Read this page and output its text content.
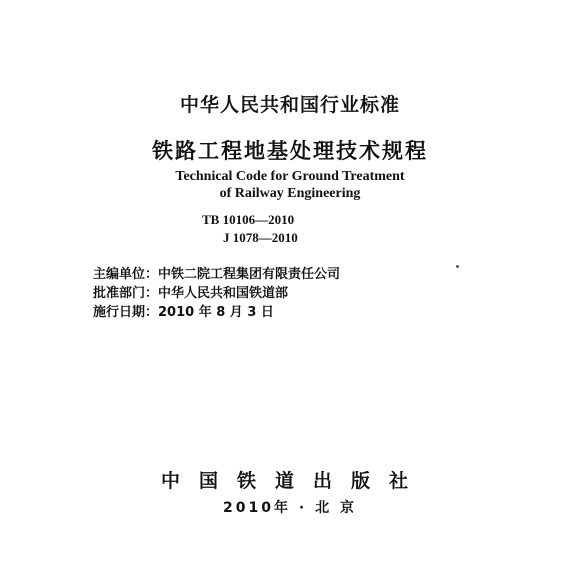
中华人民共和国行业标准
铁路工程地基处理技术规程
Technical Code for Ground Treatment
of Railway Engineering
TB 10106—2010
J 1078—2010
主编单位：中铁二院工程集团有限责任公司
批准部门：中华人民共和国铁道部
施行日期：2010 年 8 月 3 日
中国铁道出版社
2010年 · 北 京
